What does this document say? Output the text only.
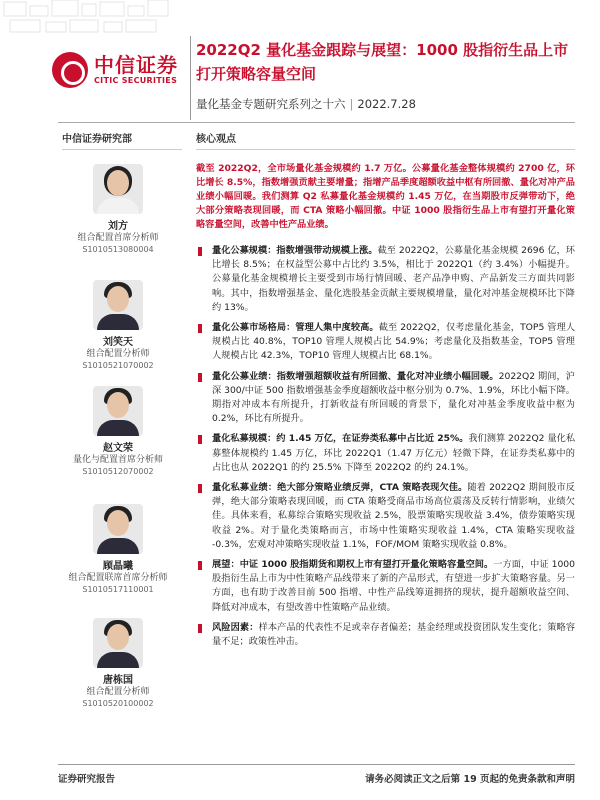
中信证券
CITIC SECURITIES
2022Q2 量化基金跟踪与展望：1000 股指衍生品上市打开策略容量空间
量化基金专题研究系列之十六 | 2022.7.28
中信证券研究部
刘方
组合配置首席分析师
S1010513080004
刘笑天
组合配置分析师
S1010521070002
赵文荣
量化与配置首席分析师
S1010512070002
顾晶曦
组合配置联席首席分析师
S1010517110001
唐栋国
组合配置分析师
S1010520100002
核心观点
截至 2022Q2，全市场量化基金规模约 1.7 万亿。公募量化基金整体规模约 2700 亿，环比增长 8.5%，指数增强贡献主要增量；指增产品季度超额收益中枢有所回撤、量化对冲产品业绩小幅回暖。我们测算 Q2 私募量化基金规模约 1.45 万亿，在当期股市反弹带动下，绝大部分策略表现回暖，而 CTA 策略小幅回撤。中证 1000 股指衍生品上市有望打开量化策略容量空间，改善中性产品业绩。
量化公募规模：指数增强带动规模上涨。截至 2022Q2，公募量化基金规模 2696 亿，环比增长 8.5%；在权益型公募中占比约 3.5%，相比于 2022Q1（约 3.4%）小幅提升。公募量化基金规模增长主要受到市场行情回暖、老产品净申购、产品新发三方面共同影响。其中，指数增强基金、量化选股基金贡献主要规模增量，量化对冲基金规模环比下降约 13%。
量化公募市场格局：管理人集中度较高。截至 2022Q2，仅考虑量化基金，TOP5 管理人规模占比 40.8%，TOP10 管理人规模占比 54.9%；考虑量化及指数基金，TOP5 管理人规模占比 42.3%，TOP10 管理人规模占比 68.1%。
量化公募业绩：指数增强超额收益有所回撤、量化对冲业绩小幅回暖。2022Q2 期间，沪深 300/中证 500 指数增强基金季度超额收益中枢分别为 0.7%、1.9%，环比小幅下降。期指对冲成本有所提升，打新收益有所回暖的背景下，量化对冲基金季度收益中枢为 0.2%，环比有所提升。
量化私募规模：约 1.45 万亿，在证券类私募中占比近 25%。我们测算 2022Q2 量化私募整体规模约 1.45 万亿，环比 2022Q1（1.47 万亿元）轻微下降，在证券类私募中的占比也从 2022Q1 的约 25.5% 下降至 2022Q2 的约 24.1%。
量化私募业绩：绝大部分策略业绩反弹，CTA 策略表现欠佳。随着 2022Q2 期间股市反弹，绝大部分策略表现回暖，而 CTA 策略受商品市场高位震荡及反转行情影响，业绩欠佳。具体来看，私募综合策略实现收益 2.5%，股票策略实现收益 3.4%，债券策略实现收益 2%。对于量化类策略而言，市场中性策略实现收益 1.4%，CTA 策略实现收益 -0.3%，宏观对冲策略实现收益 1.1%，FOF/MOM 策略实现收益 0.8%。
展望：中证 1000 股指期货和期权上市有望打开量化策略容量空间。一方面，中证 1000 股指衍生品上市为中性策略产品线带来了新的产品形式，有望进一步扩大策略容量。另一方面，也有助于改善目前 500 指增、中性产品线筹道拥挤的现状，提升超额收益空间、降低对冲成本，有望改善中性策略产品业绩。
风险因素：样本产品的代表性不足或幸存者偏差；基金经理或投资团队发生变化；策略容量不足；政策性冲击。
证券研究报告	请务必阅读正文之后第 19 页起的免责条款和声明
